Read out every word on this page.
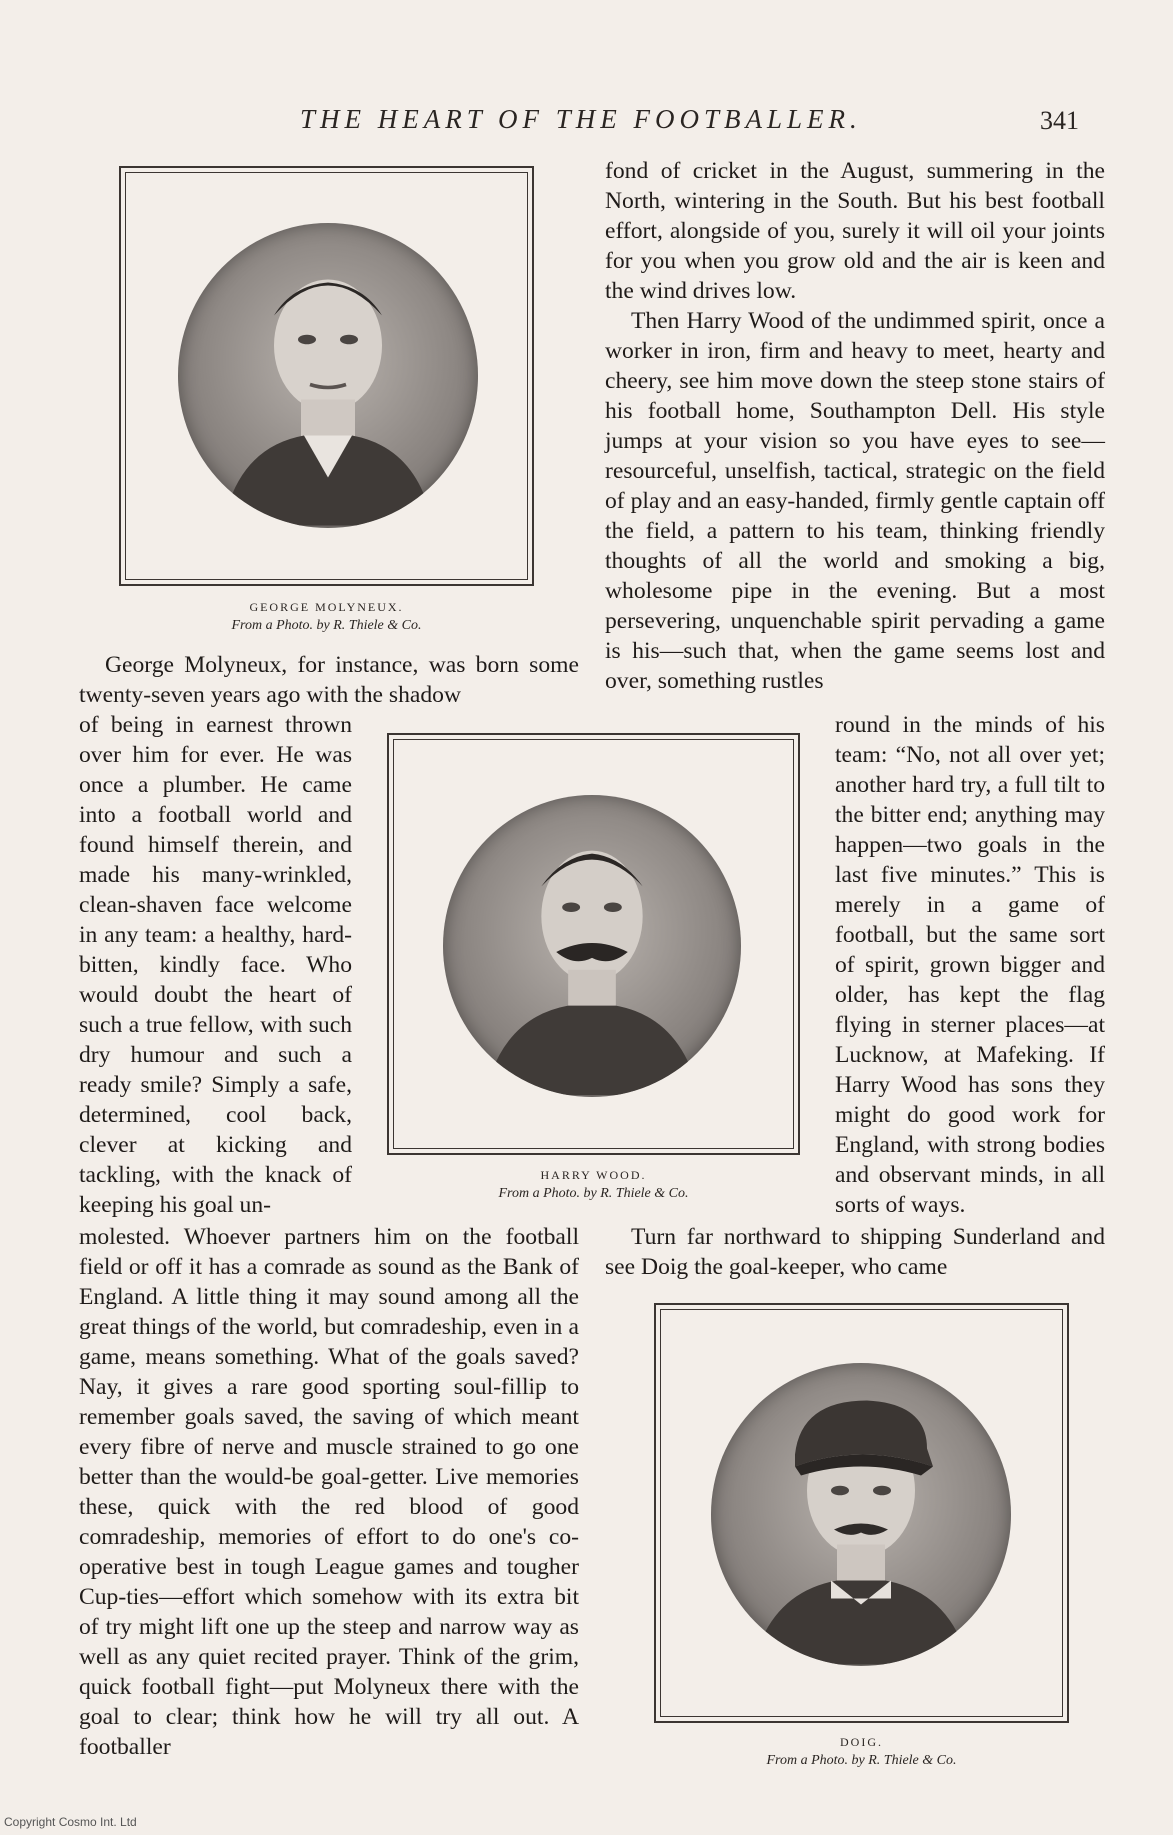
THE HEART OF THE FOOTBALLER.	341
GEORGE MOLYNEUX.
From a Photo. by R. Thiele & Co.

fond of cricket in the August, summering in the North, wintering in the South. But his best football effort, alongside of you, surely it will oil your joints for you when you grow old and the air is keen and the wind drives low.

Then Harry Wood of the undimmed spirit, once a worker in iron, firm and heavy to meet, hearty and cheery, see him move down the steep stone stairs of his football home, Southampton Dell. His style jumps at your vision so you have eyes to see—resourceful, unselfish, tactical, strategic on the field of play and an easy-handed, firmly gentle captain off the field, a pattern to his team, thinking friendly thoughts of all the world and smoking a big, wholesome pipe in the evening. But a most persevering, unquenchable spirit pervading a game is his—such that, when the game seems lost and over, something rustles

George Molyneux, for instance, was born some twenty-seven years ago with the shadow

of being in earnest thrown over him for ever. He was once a plumber. He came into a football world and found himself therein, and made his many-wrinkled, clean-shaven face welcome in any team: a healthy, hard-bitten, kindly face. Who would doubt the heart of such a true fellow, with such dry humour and such a ready smile? Simply a safe, determined, cool back, clever at kicking and tackling, with the knack of keeping his goal un-

HARRY WOOD.
From a Photo. by R. Thiele & Co.

round in the minds of his team: “No, not all over yet; another hard try, a full tilt to the bitter end; anything may happen—two goals in the last five minutes.” This is merely in a game of football, but the same sort of spirit, grown bigger and older, has kept the flag flying in sterner places—at Lucknow, at Mafeking. If Harry Wood has sons they might do good work for England, with strong bodies and observant minds, in all sorts of ways.

molested. Whoever partners him on the football field or off it has a comrade as sound as the Bank of England. A little thing it may sound among all the great things of the world, but comradeship, even in a game, means something. What of the goals saved? Nay, it gives a rare good sporting soul-fillip to remember goals saved, the saving of which meant every fibre of nerve and muscle strained to go one better than the would-be goal-getter. Live memories these, quick with the red blood of good comradeship, memories of effort to do one's co-operative best in tough League games and tougher Cup-ties—effort which somehow with its extra bit of try might lift one up the steep and narrow way as well as any quiet recited prayer. Think of the grim, quick football fight—put Molyneux there with the goal to clear; think how he will try all out. A footballer

Turn far northward to shipping Sunderland and see Doig the goal-keeper, who came

DOIG.
From a Photo. by R. Thiele & Co.
Copyright Cosmo Int. Ltd
